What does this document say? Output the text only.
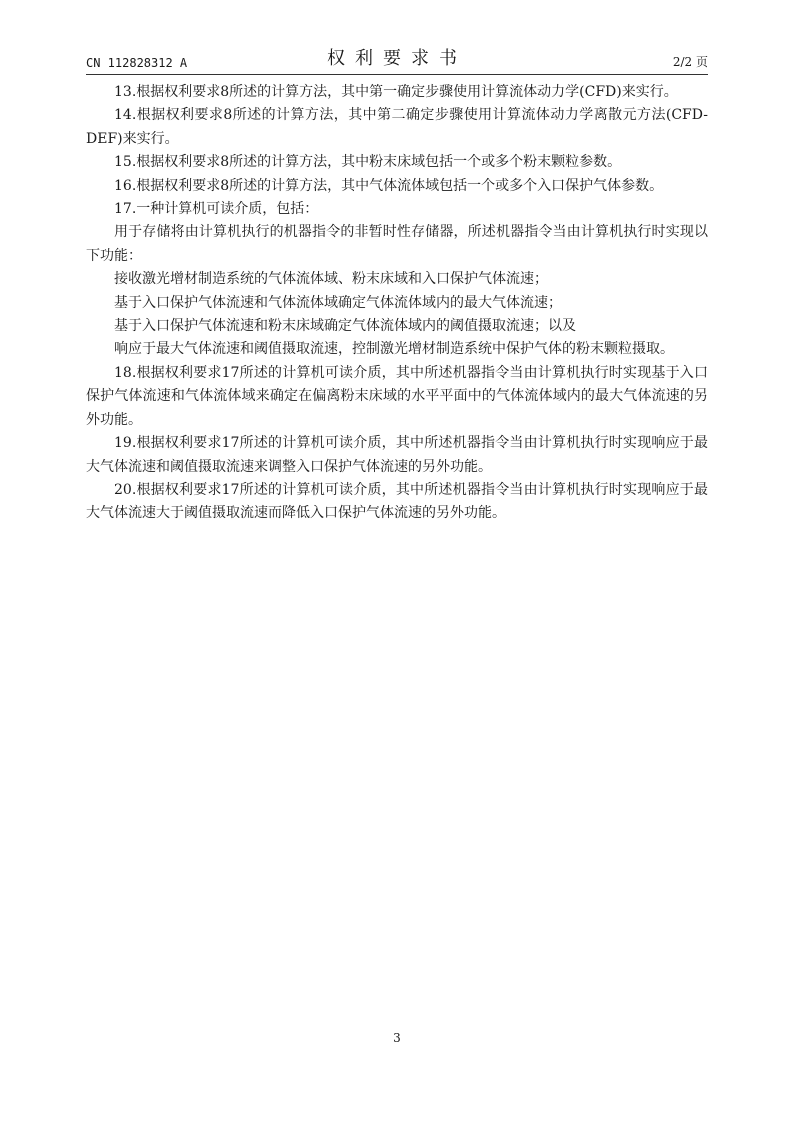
CN 112828312 A	权利要求书	2/2 页

13.根据权利要求8所述的计算方法，其中第一确定步骤使用计算流体动力学(CFD)来实行。

14.根据权利要求8所述的计算方法，其中第二确定步骤使用计算流体动力学离散元方法(CFD-DEF)来实行。

15.根据权利要求8所述的计算方法，其中粉末床域包括一个或多个粉末颗粒参数。

16.根据权利要求8所述的计算方法，其中气体流体域包括一个或多个入口保护气体参数。

17.一种计算机可读介质，包括：

用于存储将由计算机执行的机器指令的非暂时性存储器，所述机器指令当由计算机执行时实现以下功能：

接收激光增材制造系统的气体流体域、粉末床域和入口保护气体流速；

基于入口保护气体流速和气体流体域确定气体流体域内的最大气体流速；

基于入口保护气体流速和粉末床域确定气体流体域内的阈值摄取流速；以及

响应于最大气体流速和阈值摄取流速，控制激光增材制造系统中保护气体的粉末颗粒摄取。

18.根据权利要求17所述的计算机可读介质，其中所述机器指令当由计算机执行时实现基于入口保护气体流速和气体流体域来确定在偏离粉末床域的水平平面中的气体流体域内的最大气体流速的另外功能。

19.根据权利要求17所述的计算机可读介质，其中所述机器指令当由计算机执行时实现响应于最大气体流速和阈值摄取流速来调整入口保护气体流速的另外功能。

20.根据权利要求17所述的计算机可读介质，其中所述机器指令当由计算机执行时实现响应于最大气体流速大于阈值摄取流速而降低入口保护气体流速的另外功能。

3
